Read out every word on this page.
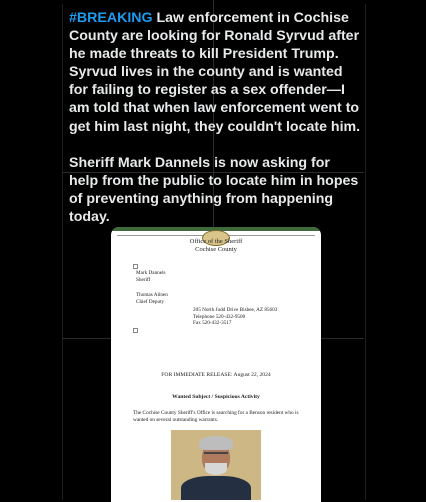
#BREAKING Law enforcement in Cochise County are looking for Ronald Syrvud after he made threats to kill President Trump. Syrvud lives in the county and is wanted for failing to register as a sex offender—I am told that when law enforcement went to get him last night, they couldn't locate him.

Sheriff Mark Dannels is now asking for help from the public to locate him in hopes of preventing anything from happening today.

Office of the Sheriff
Cochise County

Mark Dannels
Sheriff

Thomas Alinen
Chief Deputy

205 North Judd Drive Bisbee, AZ 85603
Telephone 520-432-9500
Fax 520-432-3517

FOR IMMEDIATE RELEASE: August 22, 2024
Wanted Subject / Suspicious Activity

The Cochise County Sheriff's Office is searching for a Benson resident who is wanted on several outstanding warrants.
